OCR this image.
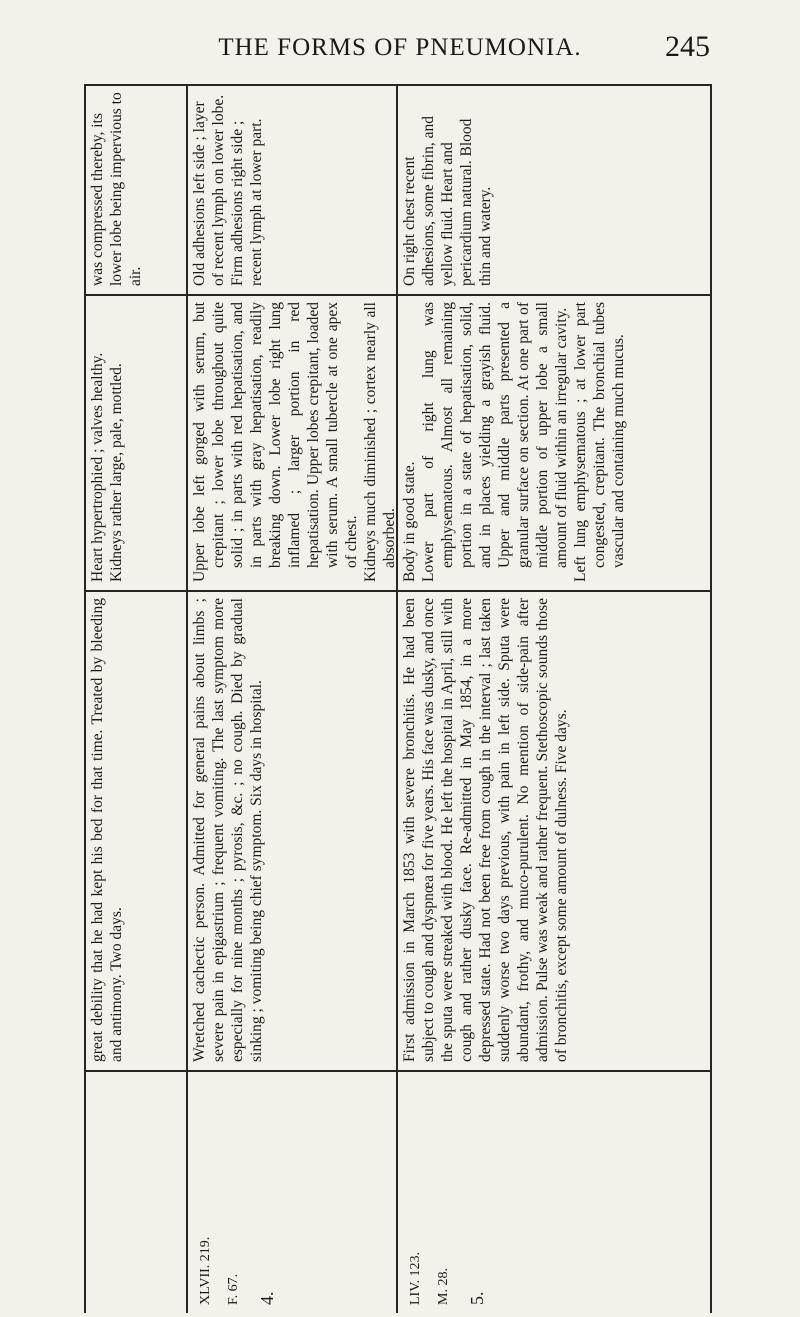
THE FORMS OF PNEUMONIA.	245
great debility that he had kept his bed for that time. Treated by bleeding and antimony. Two days.
Heart hypertrophied ; valves healthy. Kidneys rather large, pale, mottled.
was compressed thereby, its lower lobe being impervious to air.
XLVII. 219. F. 67. 4.
Wretched cachectic person. Admitted for general pains about limbs ; severe pain in epigastrium ; frequent vomiting. The last symptom more especially for nine months ; pyrosis, &c. ; no cough. Died by gradual sinking ; vomiting being chief symptom. Six days in hospital.
Upper lobe left gorged with serum, but crepitant ; lower lobe throughout quite solid ; in parts with red hepatisation, and in parts with gray hepatisation, readily breaking down. Lower lobe right lung inflamed ; larger portion in red hepatisation. Upper lobes crepitant, loaded with serum. A small tubercle at one apex of chest. Kidneys much diminished ; cortex nearly all absorbed.
Old adhesions left side ; layer of recent lymph on lower lobe. Firm adhesions right side ; recent lymph at lower part.
LIV. 123. M. 28. 5.
First admission in March 1853 with severe bronchitis. He had been subject to cough and dyspnœa for five years. His face was dusky, and once the sputa were streaked with blood. He left the hospital in April, still with cough and rather dusky face. Re-admitted in May 1854, in a more depressed state. Had not been free from cough in the interval ; last taken suddenly worse two days previous, with pain in left side. Sputa were abundant, frothy, and muco-purulent. No mention of side-pain after admission. Pulse was weak and rather frequent. Stethoscopic sounds those of bronchitis, except some amount of dulness. Five days.
Body in good state. Lower part of right lung was emphysematous. Almost all remaining portion in a state of hepatisation, solid, and in places yielding a grayish fluid. Upper and middle parts presented a granular surface on section. At one part of middle portion of upper lobe a small amount of fluid within an irregular cavity. Left lung emphysematous ; at lower part congested, crepitant. The bronchial tubes vascular and containing much mucus.
On right chest recent adhesions, some fibrin, and yellow fluid. Heart and pericardium natural. Blood thin and watery.
